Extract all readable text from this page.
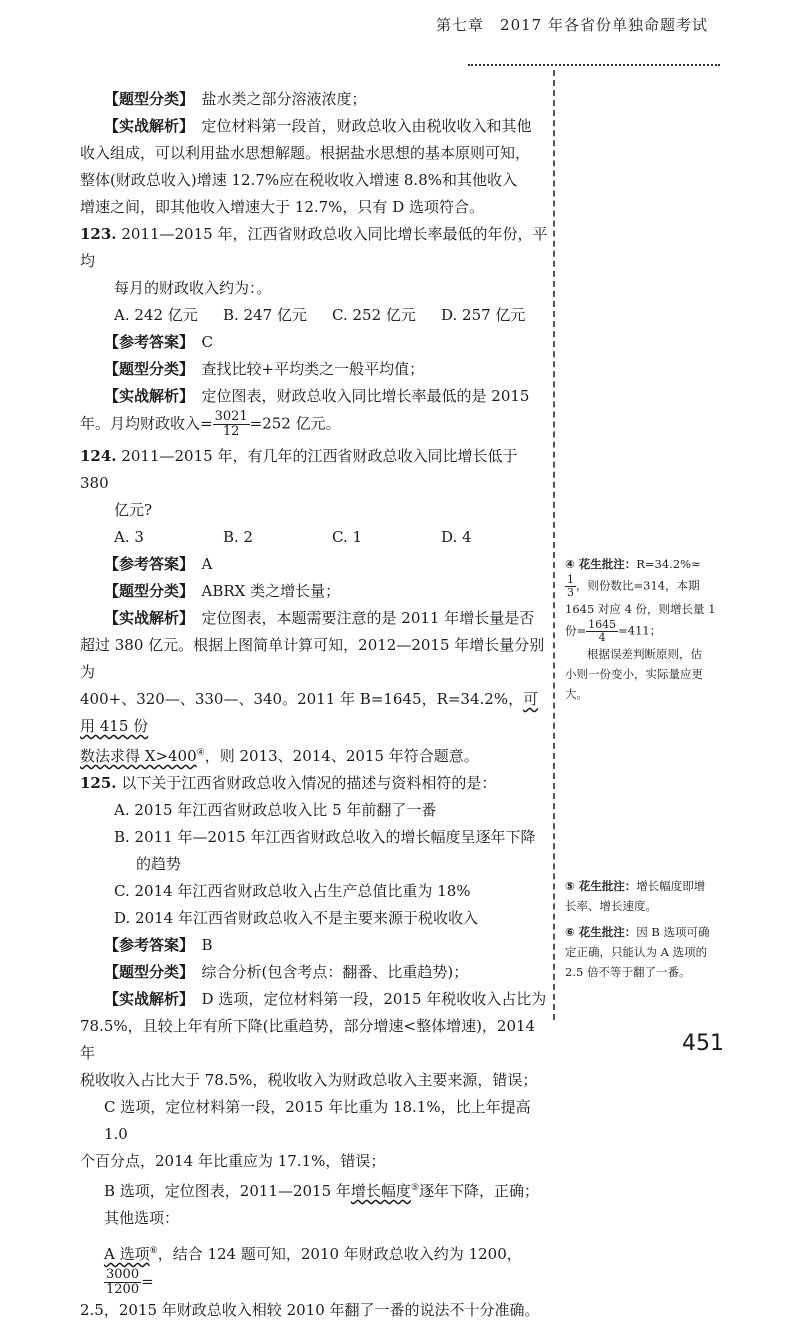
第七章　2017 年各省份单独命题考试

【题型分类】　 盐水类之部分溶液浓度；

【实战解析】　 定位材料第一段首，财政总收入由税收收入和其他

收入组成，可以利用盐水思想解题。根据盐水思想的基本原则可知，

整体(财政总收入)增速 12.7%应在税收收入增速 8.8%和其他收入

增速之间，即其他收入增速大于 12.7%，只有 D 选项符合。

123. 2011—2015 年，江西省财政总收入同比增长率最低的年份，平均

每月的财政收入约为：。

A. 242 亿元	B. 247 亿元	C. 252 亿元	D. 257 亿元

【参考答案】　 C

【题型分类】　 查找比较+平均类之一般平均值；

【实战解析】　 定位图表，财政总收入同比增长率最低的是 2015

年。月均财政收入= $\frac{3021}{12} =252$ 亿元。

124. 2011—2015 年，有几年的江西省财政总收入同比增长低于 380

亿元?

A. 3	B. 2	C. 1	D. 4

【参考答案】　 A

【题型分类】　 ABRX 类之增长量；

【实战解析】　 定位图表，本题需要注意的是 2011 年增长量是否

超过 380 亿元。根据上图简单计算可知，2012—2015 年增长量分别为

400+、320—、330—、340。2011 年 B=1645，R=34.2%，可用 415 份

数法求得 X>400④，则 2013、2014、2015 年符合题意。

125. 以下关于江西省财政总收入情况的描述与资料相符的是：

A. 2015 年江西省财政总收入比 5 年前翻了一番

B. 2011 年—2015 年江西省财政总收入的增长幅度呈逐年下降

的趋势

C. 2014 年江西省财政总收入占生产总值比重为 18%

D. 2014 年江西省财政总收入不是主要来源于税收收入

【参考答案】　 B

【题型分类】　 综合分析(包含考点：翻番、比重趋势)；

【实战解析】　 D 选项，定位材料第一段，2015 年税收收入占比为

78.5%，且较上年有所下降(比重趋势，部分增速<整体增速)，2014 年

税收收入占比大于 78.5%，税收收入为财政总收入主要来源，错误；

C 选项，定位材料第一段，2015 年比重为 18.1%，比上年提高 1.0

个百分点，2014 年比重应为 17.1%，错误；

B 选项，定位图表，2011—2015 年增长幅度⑤逐年下降，正确；

其他选项：

A 选项⑥，结合 124 题可知，2010 年财政总收入约为 1200，
$\frac{3000}{1200}$ =

2.5，2015 年财政总收入相较 2010 年翻了一番的说法不十分准确。

④ 花生批注：R=34.2%≈
$\frac{1}{3}$ ，则份数比=314，本期
1645 对应 4 份，则增长量 1
份= $\frac{1645}{4} =411$；
根据误差判断原则，估
小则一份变小，实际量应更
大。
⑤ 花生批注：增长幅度即增
长率、增长速度。
⑥ 花生批注：因 B 选项可确
定正确，只能认为 A 选项的
2.5 倍不等于翻了一番。
451
